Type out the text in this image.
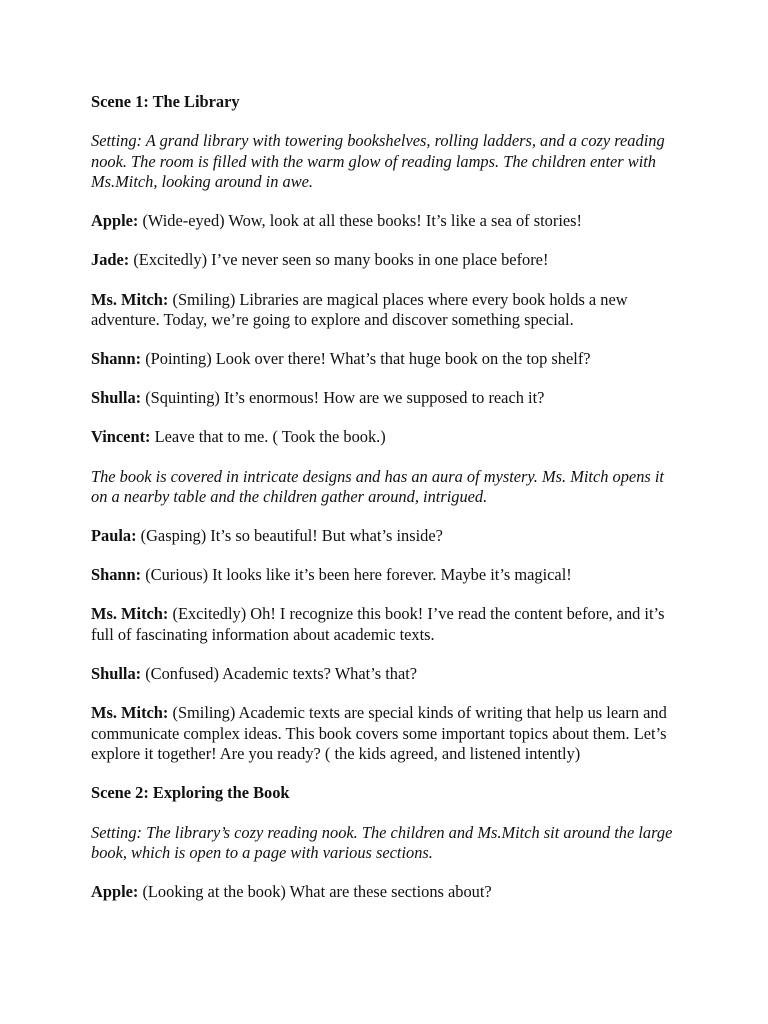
Scene 1: The Library
Setting: A grand library with towering bookshelves, rolling ladders, and a cozy reading nook. The room is filled with the warm glow of reading lamps. The children enter with Ms.Mitch, looking around in awe.
Apple: (Wide-eyed) Wow, look at all these books! It’s like a sea of stories!
Jade: (Excitedly) I’ve never seen so many books in one place before!
Ms. Mitch: (Smiling) Libraries are magical places where every book holds a new adventure. Today, we’re going to explore and discover something special.
Shann: (Pointing) Look over there! What’s that huge book on the top shelf?
Shulla: (Squinting) It’s enormous! How are we supposed to reach it?
Vincent: Leave that to me. ( Took the book.)
The book is covered in intricate designs and has an aura of mystery. Ms. Mitch opens it on a nearby table and the children gather around, intrigued.
Paula: (Gasping) It’s so beautiful! But what’s inside?
Shann: (Curious) It looks like it’s been here forever. Maybe it’s magical!
Ms. Mitch: (Excitedly) Oh! I recognize this book! I’ve read the content before, and it’s full of fascinating information about academic texts.
Shulla: (Confused) Academic texts? What’s that?
Ms. Mitch: (Smiling) Academic texts are special kinds of writing that help us learn and communicate complex ideas. This book covers some important topics about them. Let’s explore it together! Are you ready? ( the kids agreed, and listened intently)
Scene 2: Exploring the Book
Setting: The library’s cozy reading nook. The children and Ms.Mitch sit around the large book, which is open to a page with various sections.
Apple: (Looking at the book) What are these sections about?
